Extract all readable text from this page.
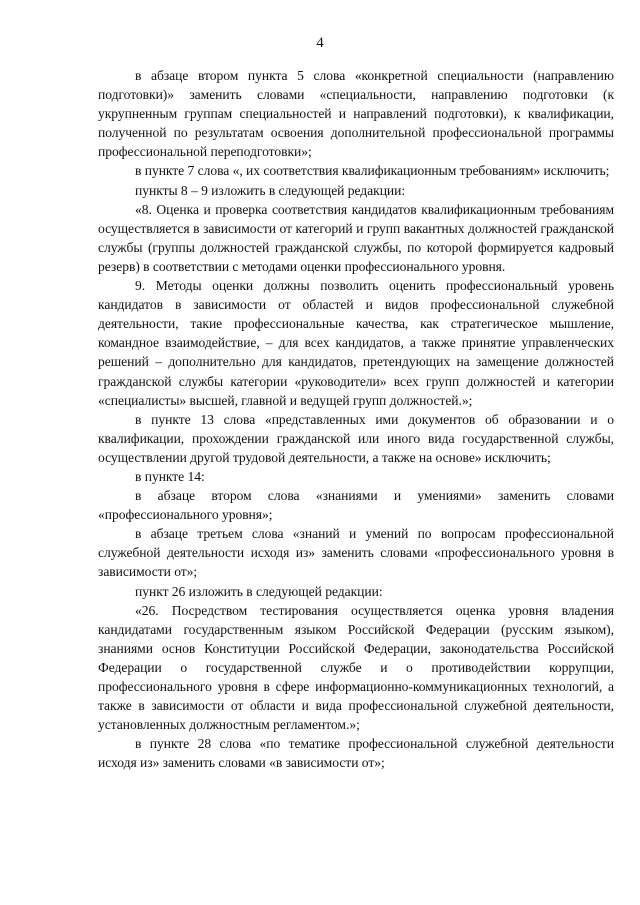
4

в абзаце втором пункта 5 слова «конкретной специальности (направлению подготовки)» заменить словами «специальности, направлению подготовки (к укрупненным группам специальностей и направлений подготовки), к квалификации, полученной по результатам освоения дополнительной профессиональной программы профессиональной переподготовки»;

в пункте 7 слова «, их соответствия квалификационным требованиям» исключить;

пункты 8 – 9 изложить в следующей редакции:

«8. Оценка и проверка соответствия кандидатов квалификационным требованиям осуществляется в зависимости от категорий и групп вакантных должностей гражданской службы (группы должностей гражданской службы, по которой формируется кадровый резерв) в соответствии с методами оценки профессионального уровня.

9. Методы оценки должны позволить оценить профессиональный уровень кандидатов в зависимости от областей и видов профессиональной служебной деятельности, такие профессиональные качества, как стратегическое мышление, командное взаимодействие, – для всех кандидатов, а также принятие управленческих решений – дополнительно для кандидатов, претендующих на замещение должностей гражданской службы категории «руководители» всех групп должностей и категории «специалисты» высшей, главной и ведущей групп должностей.»;

в пункте 13 слова «представленных ими документов об образовании и о квалификации, прохождении гражданской или иного вида государственной службы, осуществлении другой трудовой деятельности, а также на основе» исключить;

в пункте 14:

в абзаце втором слова «знаниями и умениями» заменить словами «профессионального уровня»;

в абзаце третьем слова «знаний и умений по вопросам профессиональной служебной деятельности исходя из» заменить словами «профессионального уровня в зависимости от»;

пункт 26 изложить в следующей редакции:

«26. Посредством тестирования осуществляется оценка уровня владения кандидатами государственным языком Российской Федерации (русским языком), знаниями основ Конституции Российской Федерации, законодательства Российской Федерации о государственной службе и о противодействии коррупции, профессионального уровня в сфере информационно-коммуникационных технологий, а также в зависимости от области и вида профессиональной служебной деятельности, установленных должностным регламентом.»;

в пункте 28 слова «по тематике профессиональной служебной деятельности исходя из» заменить словами «в зависимости от»;
